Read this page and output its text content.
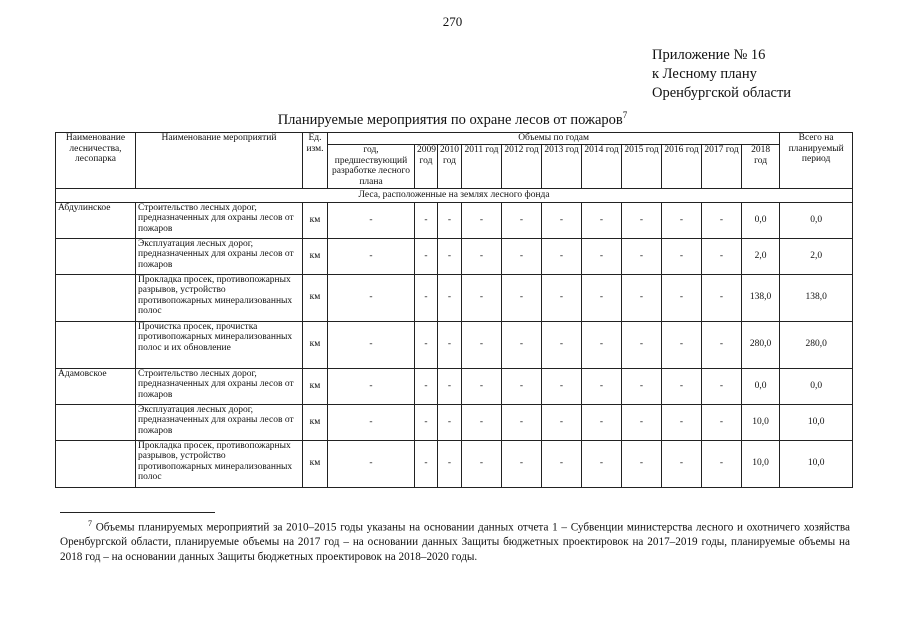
270
Приложение № 16
к Лесному плану
Оренбургской области
Планируемые мероприятия по охране лесов от пожаров$^7$
Наименование лесничества, лесопарка	Наименование мероприятий	Ед. изм.	Объемы по годам											Всего на планируемый период
			год, предшествующий разработке лесного плана	2009 год	2010 год	2011 год	2012 год	2013 год	2014 год	2015 год	2016 год	2017 год	2018 год	
Леса, расположенные на землях лесного фонда														
Абдулинское	Строительство лесных дорог, предназначенных для охраны лесов от пожаров	км	-	-	-	-	-	-	-	-	-	-	0,0	0,0
	Эксплуатация лесных дорог, предназначенных для охраны лесов от пожаров	км	-	-	-	-	-	-	-	-	-	-	2,0	2,0
	Прокладка просек, противопожарных разрывов, устройство противопожарных минерализованных полос	км	-	-	-	-	-	-	-	-	-	-	138,0	138,0
	Прочистка просек, прочистка противопожарных минерализованных полос и их обновление	км	-	-	-	-	-	-	-	-	-	-	280,0	280,0
Адамовское	Строительство лесных дорог, предназначенных для охраны лесов от пожаров	км	-	-	-	-	-	-	-	-	-	-	0,0	0,0
	Эксплуатация лесных дорог, предназначенных для охраны лесов от пожаров	км	-	-	-	-	-	-	-	-	-	-	10,0	10,0
	Прокладка просек, противопожарных разрывов, устройство противопожарных минерализованных полос	км	-	-	-	-	-	-	-	-	-	-	10,0	10,0
$^7$ Объемы планируемых мероприятий за 2010–2015 годы указаны на основании данных отчета 1 – Субвенции министерства лесного и охотничего хозяйства Оренбургской области, планируемые объемы на 2017 год – на основании данных Защиты бюджетных проектировок на 2017–2019 годы, планируемые объемы на 2018 год – на основании данных Защиты бюджетных проектировок на 2018–2020 годы.
